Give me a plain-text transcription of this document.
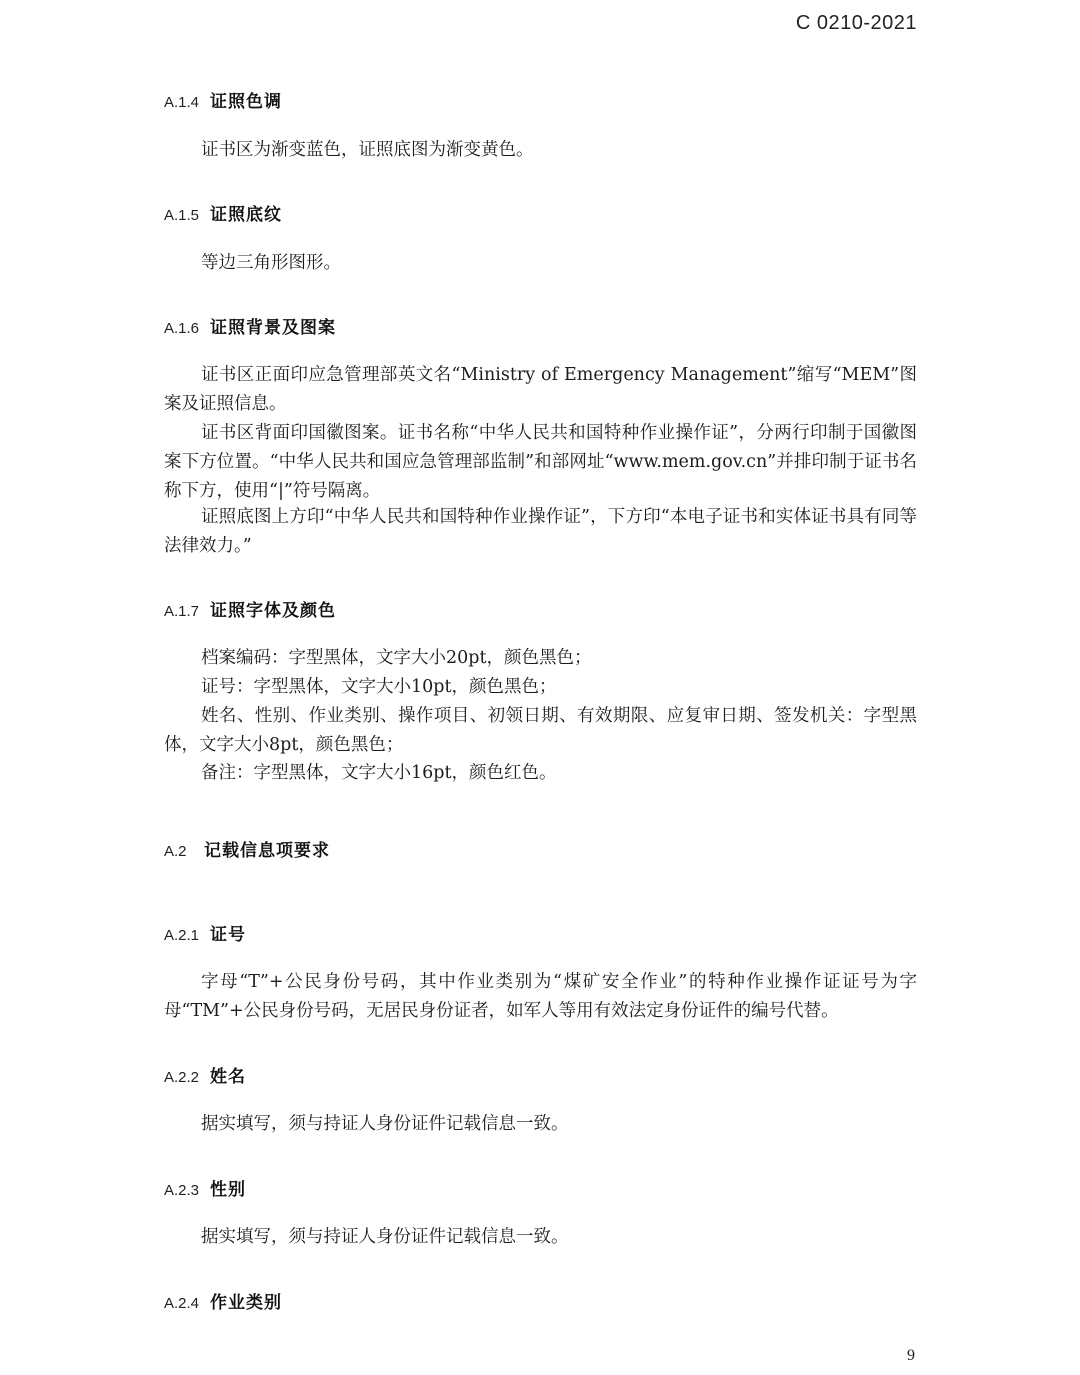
C 0210-2021
A.1.4 证照色调
证书区为渐变蓝色，证照底图为渐变黄色。
A.1.5 证照底纹
等边三角形图形。
A.1.6 证照背景及图案
证书区正面印应急管理部英文名“Ministry of Emergency Management”缩写“MEM”图案及证照信息。
证书区背面印国徽图案。证书名称“中华人民共和国特种作业操作证”，分两行印制于国徽图案下方位置。“中华人民共和国应急管理部监制”和部网址“www.mem.gov.cn”并排印制于证书名称下方，使用“|”符号隔离。
证照底图上方印“中华人民共和国特种作业操作证”，下方印“本电子证书和实体证书具有同等法律效力。”
A.1.7 证照字体及颜色
档案编码：字型黑体，文字大小20pt，颜色黑色；
证号：字型黑体，文字大小10pt，颜色黑色；
姓名、性别、作业类别、操作项目、初领日期、有效期限、应复审日期、签发机关：字型黑体，文字大小8pt，颜色黑色；
备注：字型黑体，文字大小16pt，颜色红色。
A.2 记载信息项要求
A.2.1 证号
字母“T”+公民身份号码，其中作业类别为“煤矿安全作业”的特种作业操作证证号为字母“TM”+公民身份号码，无居民身份证者，如军人等用有效法定身份证件的编号代替。
A.2.2 姓名
据实填写，须与持证人身份证件记载信息一致。
A.2.3 性别
据实填写，须与持证人身份证件记载信息一致。
A.2.4 作业类别
9
